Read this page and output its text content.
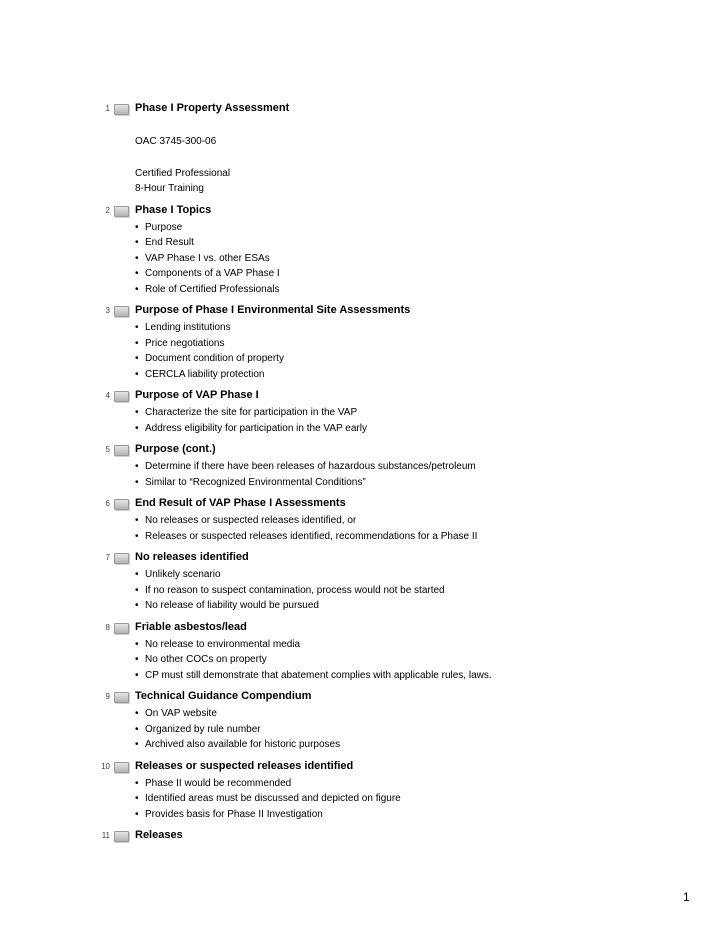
1 Phase I Property Assessment
OAC 3745-300-06
Certified Professional
8-Hour Training
2 Phase I Topics
• Purpose
• End Result
• VAP Phase I vs. other ESAs
• Components of a VAP Phase I
• Role of Certified Professionals
3 Purpose of Phase I Environmental Site Assessments
• Lending institutions
• Price negotiations
• Document condition of property
• CERCLA liability protection
4 Purpose of VAP Phase I
• Characterize the site for participation in the VAP
• Address eligibility for participation in the VAP early
5 Purpose (cont.)
• Determine if there have been releases of hazardous substances/petroleum
• Similar to “Recognized Environmental Conditions”
6 End Result of VAP Phase I Assessments
• No releases or suspected releases identified, or
• Releases or suspected releases identified, recommendations for a Phase II
7 No releases identified
• Unlikely scenario
• If no reason to suspect contamination, process would not be started
• No release of liability would be pursued
8 Friable asbestos/lead
• No release to environmental media
• No other COCs on property
• CP must still demonstrate that abatement complies with applicable rules, laws.
9 Technical Guidance Compendium
• On VAP website
• Organized by rule number
• Archived also available for historic purposes
10 Releases or suspected releases identified
• Phase II would be recommended
• Identified areas must be discussed and depicted on figure
• Provides basis for Phase II Investigation
11 Releases
1
